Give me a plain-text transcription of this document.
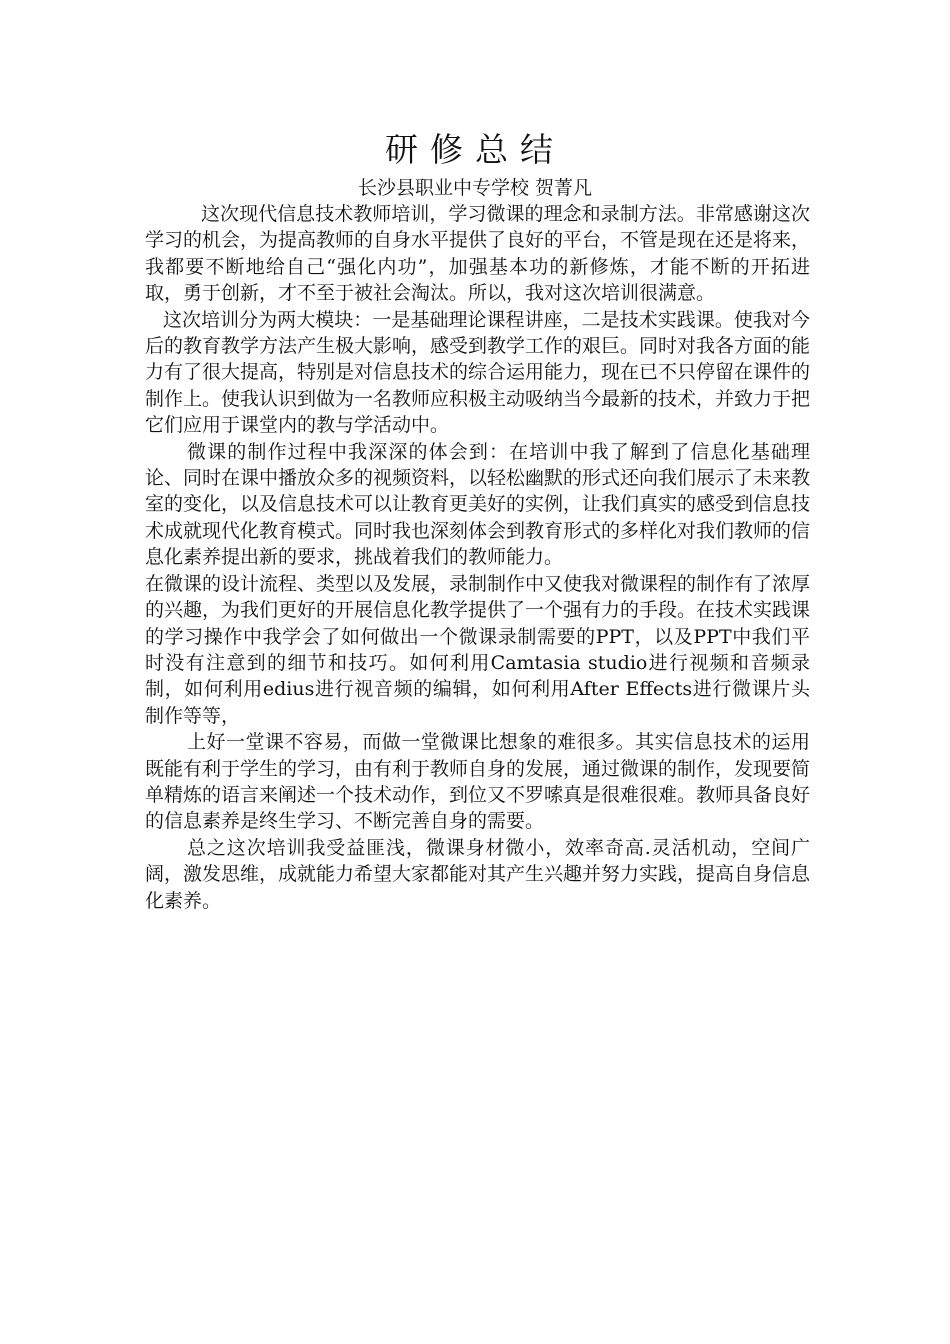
研修总结
长沙县职业中专学校 贺菁凡

这次现代信息技术教师培训，学习微课的理念和录制方法。非常感谢这次学习的机会，为提高教师的自身水平提供了良好的平台，不管是现在还是将来，我都要不断地给自己“强化内功”，加强基本功的新修炼，才能不断的开拓进取，勇于创新，才不至于被社会淘汰。所以，我对这次培训很满意。

这次培训分为两大模块：一是基础理论课程讲座，二是技术实践课。使我对今后的教育教学方法产生极大影响，感受到教学工作的艰巨。同时对我各方面的能力有了很大提高，特别是对信息技术的综合运用能力，现在已不只停留在课件的制作上。使我认识到做为一名教师应积极主动吸纳当今最新的技术，并致力于把它们应用于课堂内的教与学活动中。

微课的制作过程中我深深的体会到：在培训中我了解到了信息化基础理论、同时在课中播放众多的视频资料，以轻松幽默的形式还向我们展示了未来教室的变化，以及信息技术可以让教育更美好的实例，让我们真实的感受到信息技术成就现代化教育模式。同时我也深刻体会到教育形式的多样化对我们教师的信息化素养提出新的要求，挑战着我们的教师能力。

在微课的设计流程、类型以及发展，录制制作中又使我对微课程的制作有了浓厚的兴趣，为我们更好的开展信息化教学提供了一个强有力的手段。在技术实践课的学习操作中我学会了如何做出一个微课录制需要的PPT，以及PPT中我们平时没有注意到的细节和技巧。如何利用Camtasia studio进行视频和音频录制，如何利用edius进行视音频的编辑，如何利用After Effects进行微课片头制作等等，

上好一堂课不容易，而做一堂微课比想象的难很多。其实信息技术的运用既能有利于学生的学习，由有利于教师自身的发展，通过微课的制作，发现要简单精炼的语言来阐述一个技术动作，到位又不罗嗦真是很难很难。教师具备良好的信息素养是终生学习、不断完善自身的需要。

总之这次培训我受益匪浅，微课身材微小，效率奇高.灵活机动，空间广阔，激发思维，成就能力希望大家都能对其产生兴趣并努力实践，提高自身信息化素养。
